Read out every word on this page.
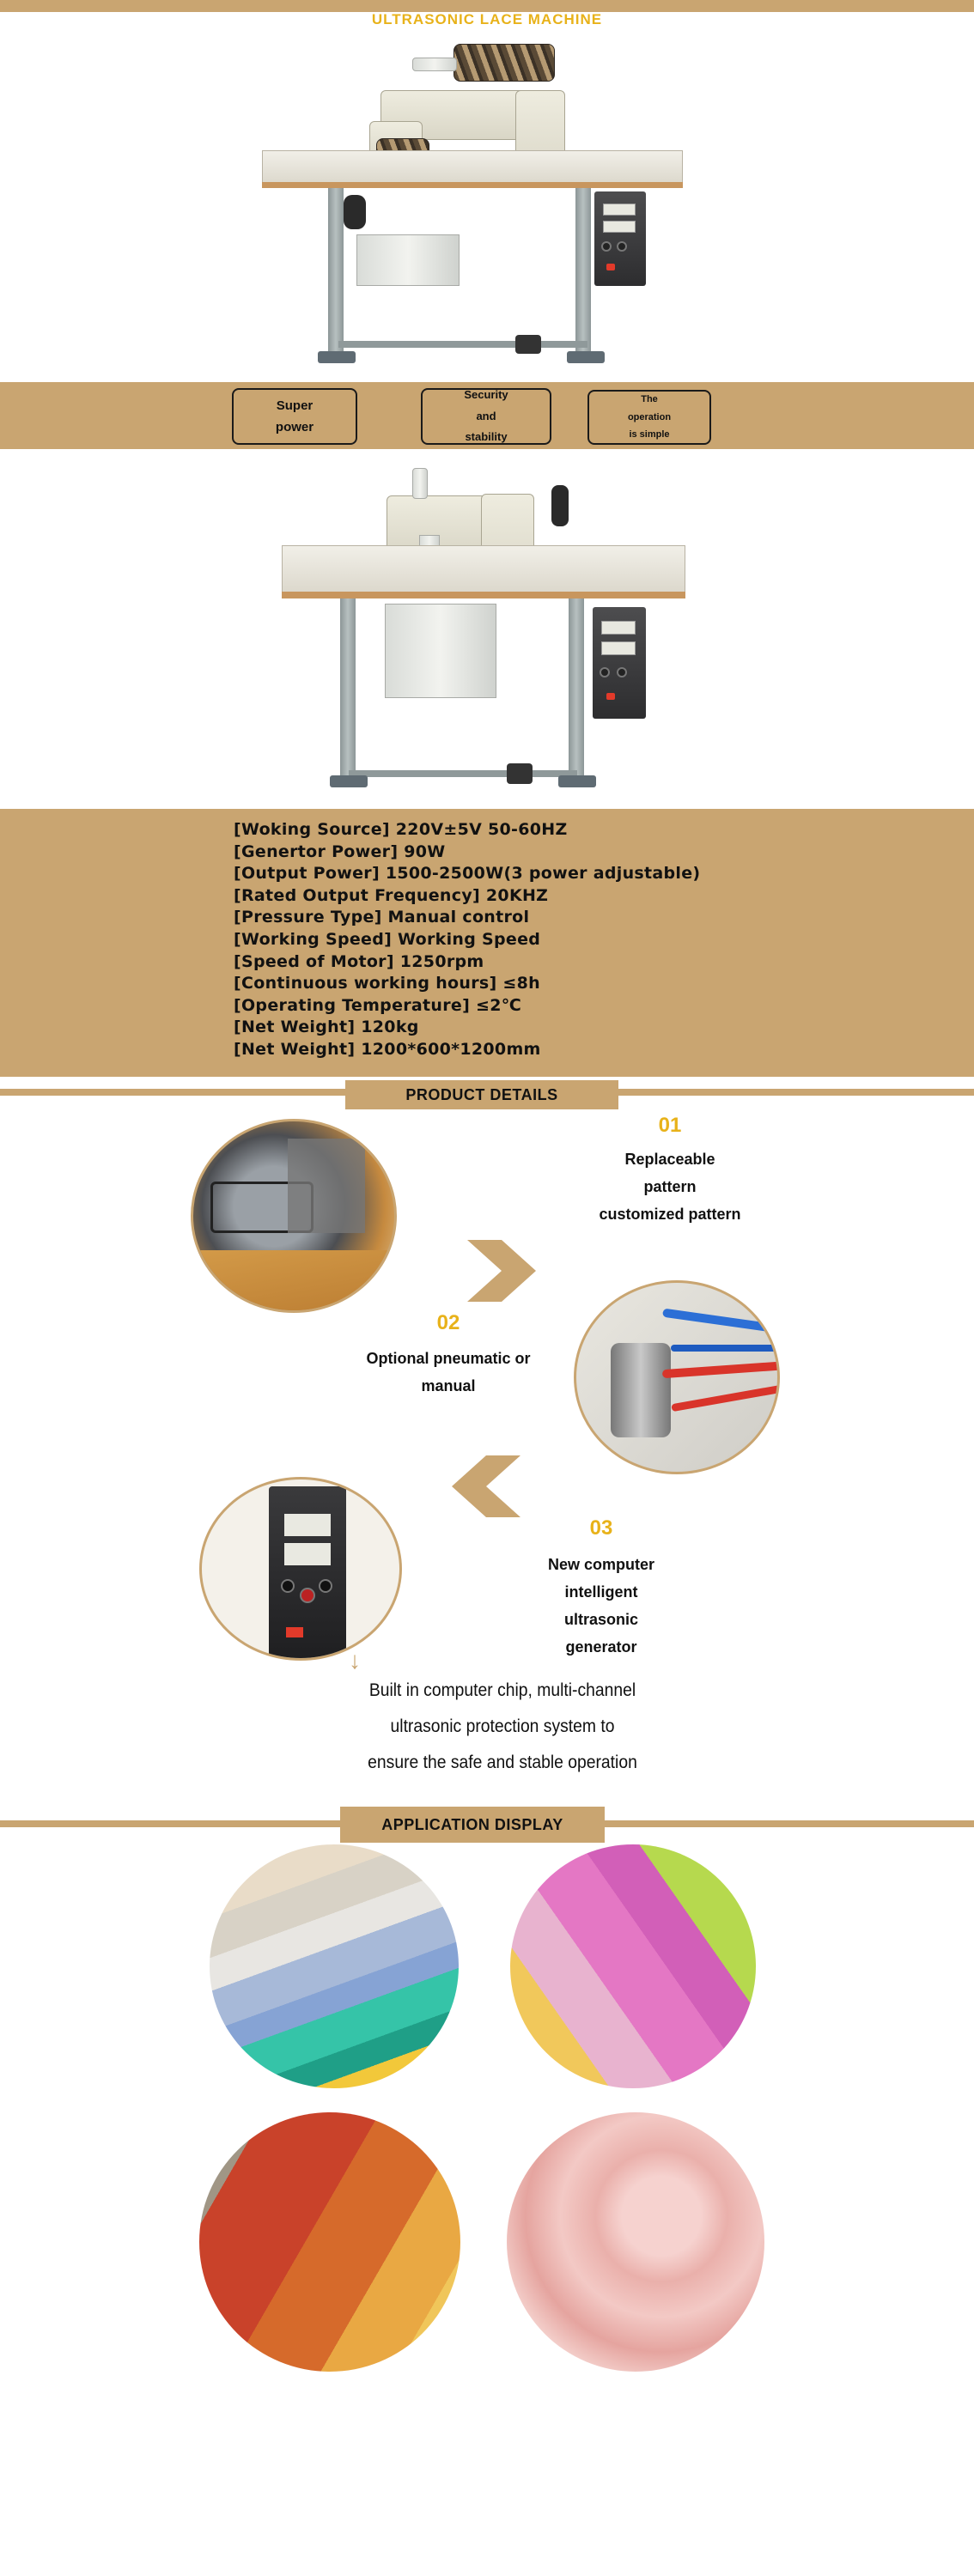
ULTRASONIC LACE MACHINE
Super
power
Security
and
stability
The
operation
is simple
[Woking Source] 220V±5V 50-60HZ
[Genertor Power] 90W
[Output Power] 1500-2500W(3 power adjustable)
[Rated Output Frequency] 20KHZ
[Pressure Type] Manual control
[Working Speed] Working Speed
[Speed of Motor] 1250rpm
[Continuous working hours] ≤8h
[Operating Temperature] ≤2℃
[Net Weight] 120kg
[Net Weight] 1200*600*1200mm
PRODUCT DETAILS
01
Replaceable
pattern
customized pattern
02
Optional pneumatic or
manual
03
New computer
intelligent
ultrasonic
generator
↓
Built in computer chip, multi-channel
ultrasonic protection system to
ensure the safe and stable operation
APPLICATION DISPLAY
